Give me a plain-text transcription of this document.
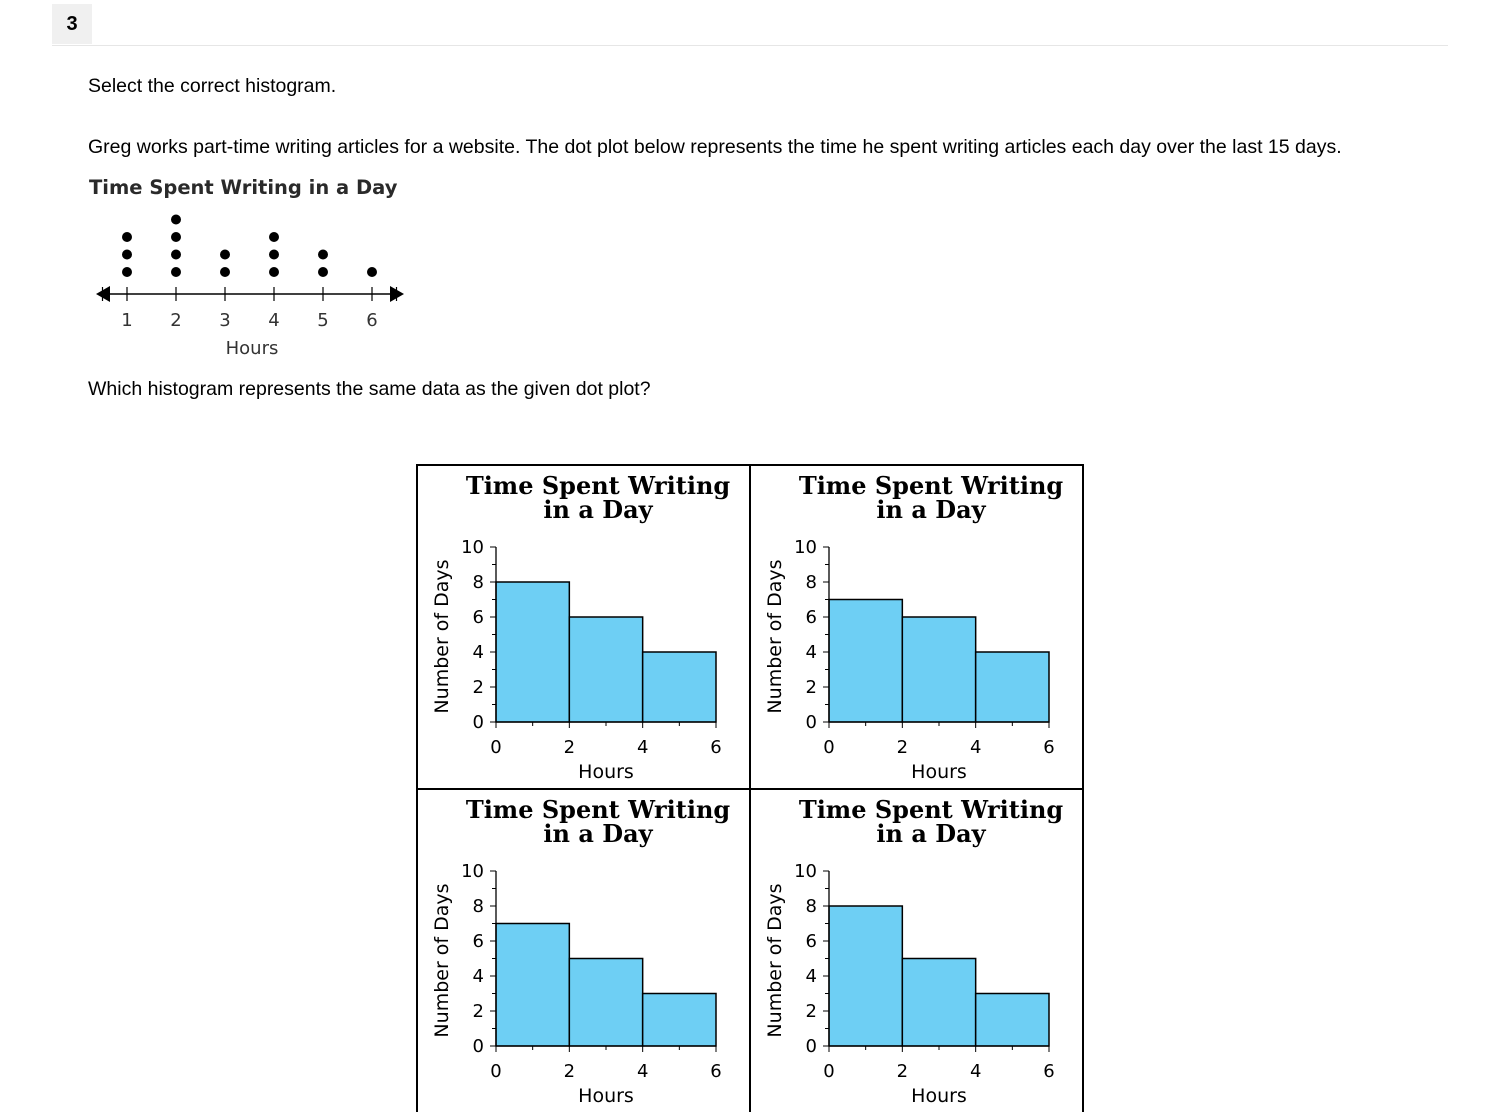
3
Select the correct histogram.
Greg works part-time writing articles for a website. The dot plot below represents the time he spent writing articles each day over the last 15 days.
Time Spent Writing in a Day
1 2 3 4 5 6
Hours
Which histogram represents the same data as the given dot plot?
Time Spent Writing
in a Day
0
2
4
6
8
10
0	2	4	6
Hours
Number of Days
Time Spent Writing
in a Day
0
2
4
6
8
10
0	2	4	6
Hours
Number of Days
Time Spent Writing
in a Day
0
2
4
6
8
10
0	2	4	6
Hours
Number of Days
Time Spent Writing
in a Day
0
2
4
6
8
10
0	2	4	6
Hours
Number of Days
